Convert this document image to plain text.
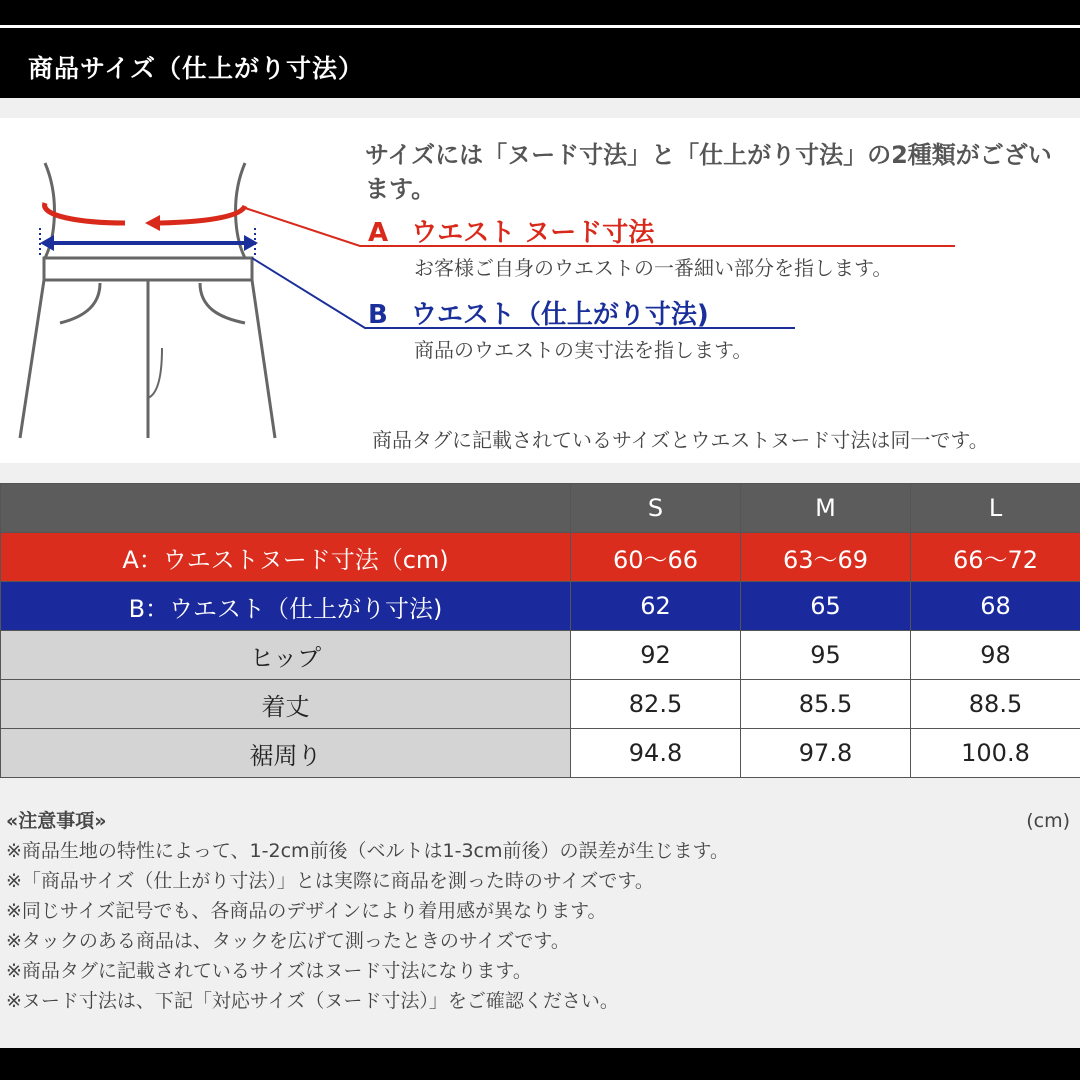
商品サイズ（仕上がり寸法）
サイズには「ヌード寸法」と「仕上がり寸法」の2種類がございます。
A ウエスト ヌード寸法
お客様ご自身のウエストの一番細い部分を指します。
B ウエスト（仕上がり寸法)
商品のウエストの実寸法を指します。
商品タグに記載されているサイズとウエストヌード寸法は同一です。
	S	M	L
A：ウエストヌード寸法（cm)	60〜66	63〜69	66〜72
B：ウエスト（仕上がり寸法)	62	65	68
ヒップ	92	95	98
着丈	82.5	85.5	88.5
裾周り	94.8	97.8	100.8
«注意事項»
※商品生地の特性によって、1-2cm前後（ベルトは1-3cm前後）の誤差が生じます。
※「商品サイズ（仕上がり寸法）」とは実際に商品を測った時のサイズです。
※同じサイズ記号でも、各商品のデザインにより着用感が異なります。
※タックのある商品は、タックを広げて測ったときのサイズです。
※商品タグに記載されているサイズはヌード寸法になります。
※ヌード寸法は、下記「対応サイズ（ヌード寸法）」をご確認ください。
(cm)
